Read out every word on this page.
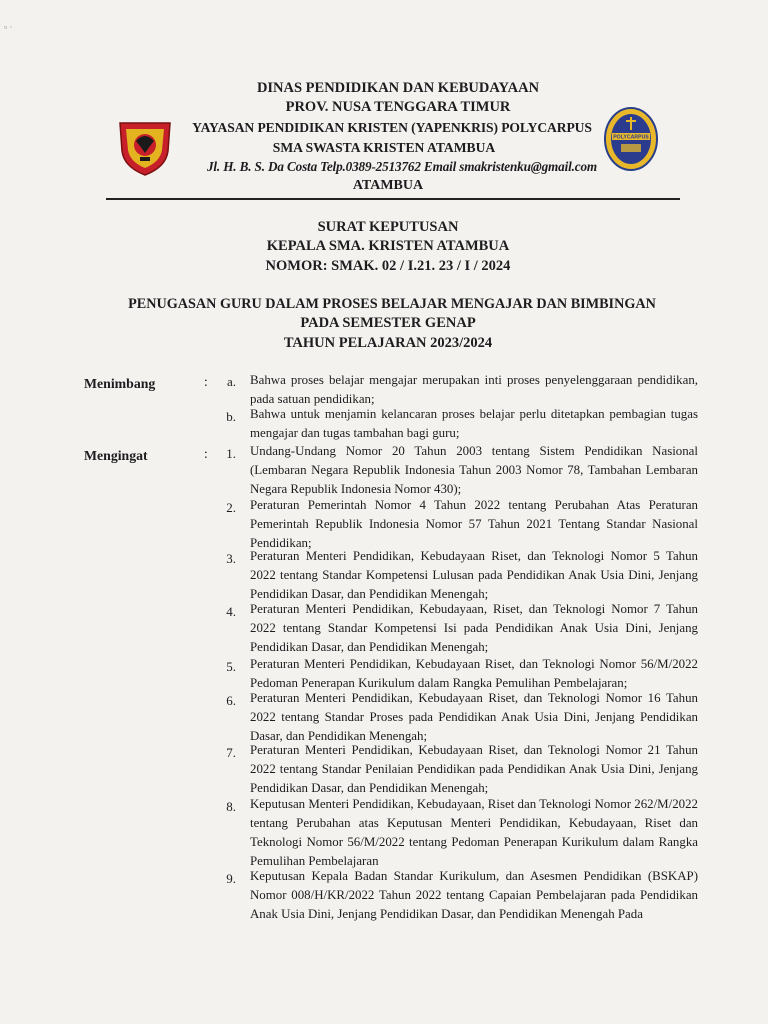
▫ ·
POLYCARPUS
DINAS PENDIDIKAN DAN KEBUDAYAAN
PROV. NUSA TENGGARA TIMUR
YAYASAN PENDIDIKAN KRISTEN (YAPENKRIS) POLYCARPUS
SMA SWASTA KRISTEN ATAMBUA
Jl. H. B. S. Da Costa Telp.0389-2513762 Email smakristenku@gmail.com
ATAMBUA
SURAT KEPUTUSAN
KEPALA SMA. KRISTEN ATAMBUA
NOMOR: SMAK. 02 / I.21. 23 / I / 2024
PENUGASAN GURU DALAM PROSES BELAJAR MENGAJAR DAN BIMBINGAN
PADA SEMESTER GENAP
TAHUN PELAJARAN 2023/2024
Menimbang	:	a. Bahwa proses belajar mengajar merupakan inti proses penyelenggaraan pendidikan, pada satuan pendidikan;
b. Bahwa untuk menjamin kelancaran proses belajar perlu ditetapkan pembagian tugas mengajar dan tugas tambahan bagi guru;
Mengingat	:	1. Undang-Undang Nomor 20 Tahun 2003 tentang Sistem Pendidikan Nasional (Lembaran Negara Republik Indonesia Tahun 2003 Nomor 78, Tambahan Lembaran Negara Republik Indonesia Nomor 430);
2. Peraturan Pemerintah Nomor 4 Tahun 2022 tentang Perubahan Atas Peraturan Pemerintah Republik Indonesia Nomor 57 Tahun 2021 Tentang Standar Nasional Pendidikan;
3. Peraturan Menteri Pendidikan, Kebudayaan Riset, dan Teknologi Nomor 5 Tahun 2022 tentang Standar Kompetensi Lulusan pada Pendidikan Anak Usia Dini, Jenjang Pendidikan Dasar, dan Pendidikan Menengah;
4. Peraturan Menteri Pendidikan, Kebudayaan, Riset, dan Teknologi Nomor 7 Tahun 2022 tentang Standar Kompetensi Isi pada Pendidikan Anak Usia Dini, Jenjang Pendidikan Dasar, dan Pendidikan Menengah;
5. Peraturan Menteri Pendidikan, Kebudayaan Riset, dan Teknologi Nomor 56/M/2022 Pedoman Penerapan Kurikulum dalam Rangka Pemulihan Pembelajaran;
6. Peraturan Menteri Pendidikan, Kebudayaan Riset, dan Teknologi Nomor 16 Tahun 2022 tentang Standar Proses pada Pendidikan Anak Usia Dini, Jenjang Pendidikan Dasar, dan Pendidikan Menengah;
7. Peraturan Menteri Pendidikan, Kebudayaan Riset, dan Teknologi Nomor 21 Tahun 2022 tentang Standar Penilaian Pendidikan pada Pendidikan Anak Usia Dini, Jenjang Pendidikan Dasar, dan Pendidikan Menengah;
8. Keputusan Menteri Pendidikan, Kebudayaan, Riset dan Teknologi Nomor 262/M/2022 tentang Perubahan atas Keputusan Menteri Pendidikan, Kebudayaan, Riset dan Teknologi Nomor 56/M/2022 tentang Pedoman Penerapan Kurikulum dalam Rangka Pemulihan Pembelajaran
9. Keputusan Kepala Badan Standar Kurikulum, dan Asesmen Pendidikan (BSKAP) Nomor 008/H/KR/2022 Tahun 2022 tentang Capaian Pembelajaran pada Pendidikan Anak Usia Dini, Jenjang Pendidikan Dasar, dan Pendidikan Menengah Pada
